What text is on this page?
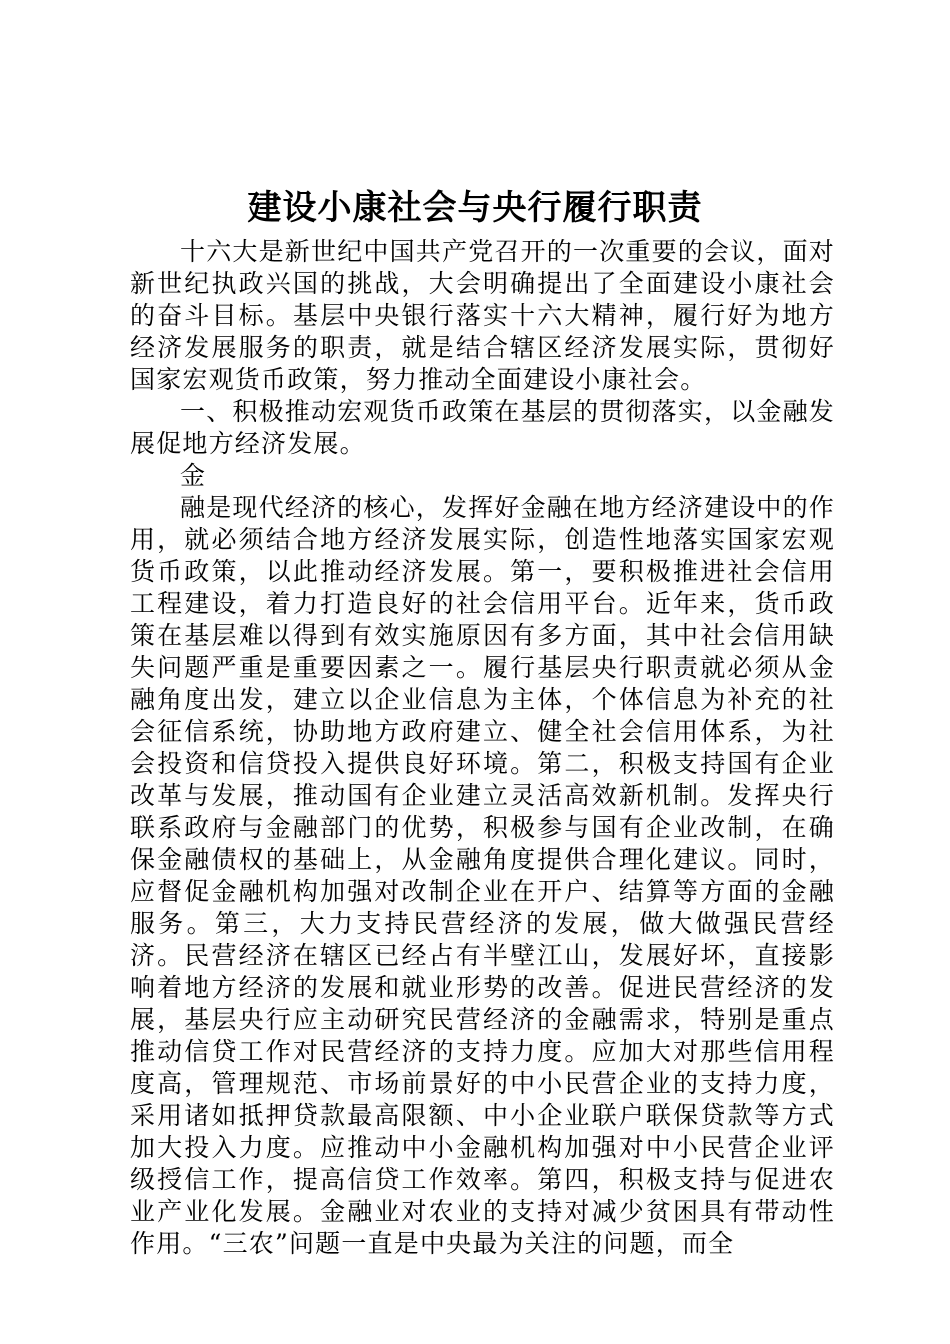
建设小康社会与央行履行职责

十六大是新世纪中国共产党召开的一次重要的会议，面对新世纪执政兴国的挑战，大会明确提出了全面建设小康社会的奋斗目标。基层中央银行落实十六大精神，履行好为地方经济发展服务的职责，就是结合辖区经济发展实际，贯彻好国家宏观货币政策，努力推动全面建设小康社会。

一、积极推动宏观货币政策在基层的贯彻落实，以金融发展促地方经济发展。

金

融是现代经济的核心，发挥好金融在地方经济建设中的作用，就必须结合地方经济发展实际，创造性地落实国家宏观货币政策，以此推动经济发展。第一，要积极推进社会信用工程建设，着力打造良好的社会信用平台。近年来，货币政策在基层难以得到有效实施原因有多方面，其中社会信用缺失问题严重是重要因素之一。履行基层央行职责就必须从金融角度出发，建立以企业信息为主体，个体信息为补充的社会征信系统，协助地方政府建立、健全社会信用体系，为社会投资和信贷投入提供良好环境。第二，积极支持国有企业改革与发展，推动国有企业建立灵活高效新机制。发挥央行联系政府与金融部门的优势，积极参与国有企业改制，在确保金融债权的基础上，从金融角度提供合理化建议。同时，应督促金融机构加强对改制企业在开户、结算等方面的金融服务。第三，大力支持民营经济的发展，做大做强民营经济。民营经济在辖区已经占有半壁江山，发展好坏，直接影响着地方经济的发展和就业形势的改善。促进民营经济的发展，基层央行应主动研究民营经济的金融需求，特别是重点推动信贷工作对民营经济的支持力度。应加大对那些信用程度高，管理规范、市场前景好的中小民营企业的支持力度，采用诸如抵押贷款最高限额、中小企业联户联保贷款等方式加大投入力度。应推动中小金融机构加强对中小民营企业评级授信工作，提高信贷工作效率。第四，积极支持与促进农业产业化发展。金融业对农业的支持对减少贫困具有带动性作用。“三农”问题一直是中央最为关注的问题，而全
